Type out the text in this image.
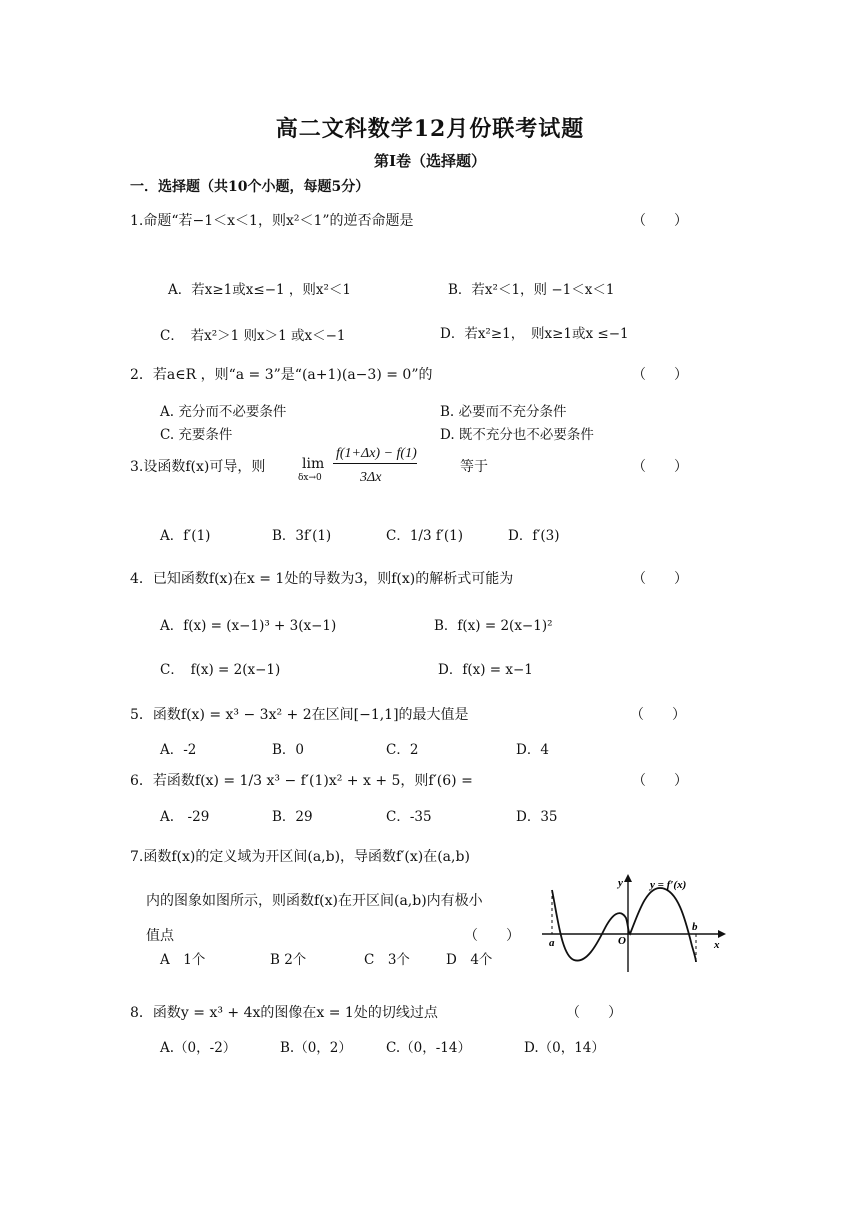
高二文科数学12月份联考试题
第Ⅰ卷（选择题）
一．选择题（共10个小题，每题5分）
1.命题“若−1＜x＜1，则x²＜1”的逆否命题是	（　　）
A．若x≥1或x≤−1 ，则x²＜1	B．若x²＜1，则 −1＜x＜1
C．　若x²＞1 则x＞1 或x＜−1	D．若x²≥1，　则x≥1或x ≤−1
2．若a∈R ，则“a = 3”是“(a+1)(a−3) = 0”的	（　　）
A. 充分而不必要条件	B. 必要而不充分条件
C. 充要条件	D. 既不充分也不必要条件
3.设函数f(x)可导，则	lim
δx→0
f(1+Δx) − f(1)
3Δx
等于	（　　）
A．f′(1)	B．3f′(1)	C．1/3 f′(1)	D．f′(3)
4．已知函数f(x)在x = 1处的导数为3，则f(x)的解析式可能为	（　　）
A．f(x) = (x−1)³ + 3(x−1)	B．f(x) = 2(x−1)²
C．　f(x) = 2(x−1)	D．f(x) = x−1
5．函数f(x) = x³ − 3x² + 2在区间[−1,1]的最大值是	（　　）
A．-2	B．0	C．2	D．4
6．若函数f(x) = 1/3 x³ − f′(1)x² + x + 5，则f′(6) =	（　　）
A.　-29	B．29	C．-35	D．35
7.函数f(x)的定义域为开区间(a,b)，导函数f′(x)在(a,b)
内的图象如图所示，则函数f(x)在开区间(a,b)内有极小
值点	（　　）
A　1个	B 2个	C　3个	D　4个
y y = f′(x)
a	O
b
x
8．函数y = x³ + 4x的图像在x = 1处的切线过点	（　　）
A.（0，-2）	B.（0，2）	C.（0，-14）	D.（0，14）
